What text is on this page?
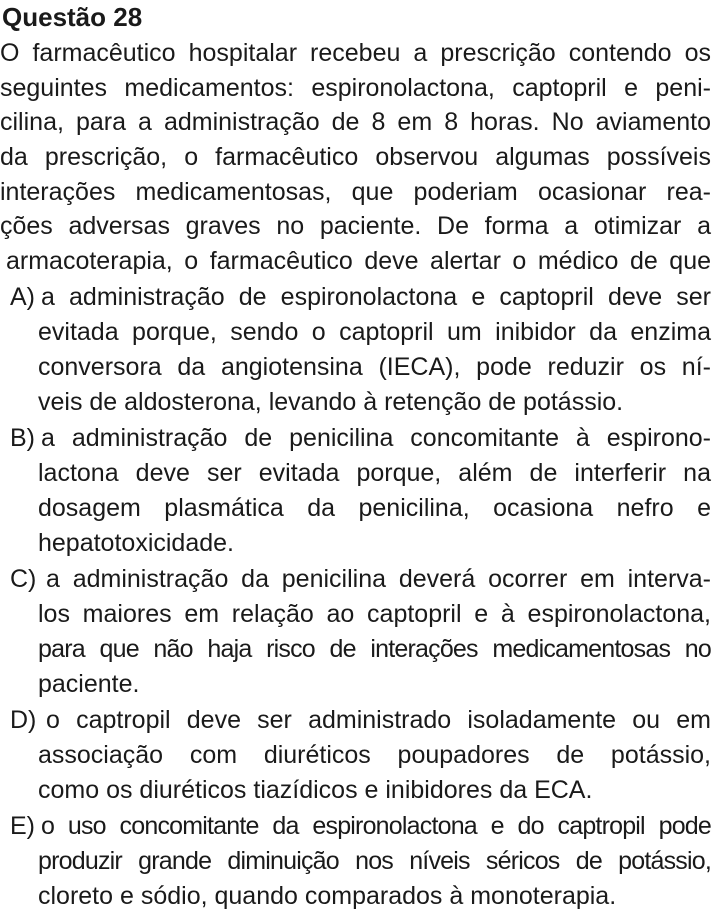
Questão 28
O farmacêutico hospitalar recebeu a prescrição contendo os
seguintes medicamentos: espironolactona, captopril e peni-
cilina, para a administração de 8 em 8 horas. No aviamento
da prescrição, o farmacêutico observou algumas possíveis
interações medicamentosas, que poderiam ocasionar rea-
ções adversas graves no paciente. De forma a otimizar a
armacoterapia, o farmacêutico deve alertar o médico de que
A) a administração de espironolactona e captopril deve ser
evitada porque, sendo o captopril um inibidor da enzima
conversora da angiotensina (IECA), pode reduzir os ní-
veis de aldosterona, levando à retenção de potássio.
B) a administração de penicilina concomitante à espirono-
lactona deve ser evitada porque, além de interferir na
dosagem plasmática da penicilina, ocasiona nefro e
hepatotoxicidade.
C) a administração da penicilina deverá ocorrer em interva-
los maiores em relação ao captopril e à espironolactona,
para que não haja risco de interações medicamentosas no
paciente.
D) o captropil deve ser administrado isoladamente ou em
associação com diuréticos poupadores de potássio,
como os diuréticos tiazídicos e inibidores da ECA.
E) o uso concomitante da espironolactona e do captropil pode
produzir grande diminuição nos níveis séricos de potássio,
cloreto e sódio, quando comparados à monoterapia.
